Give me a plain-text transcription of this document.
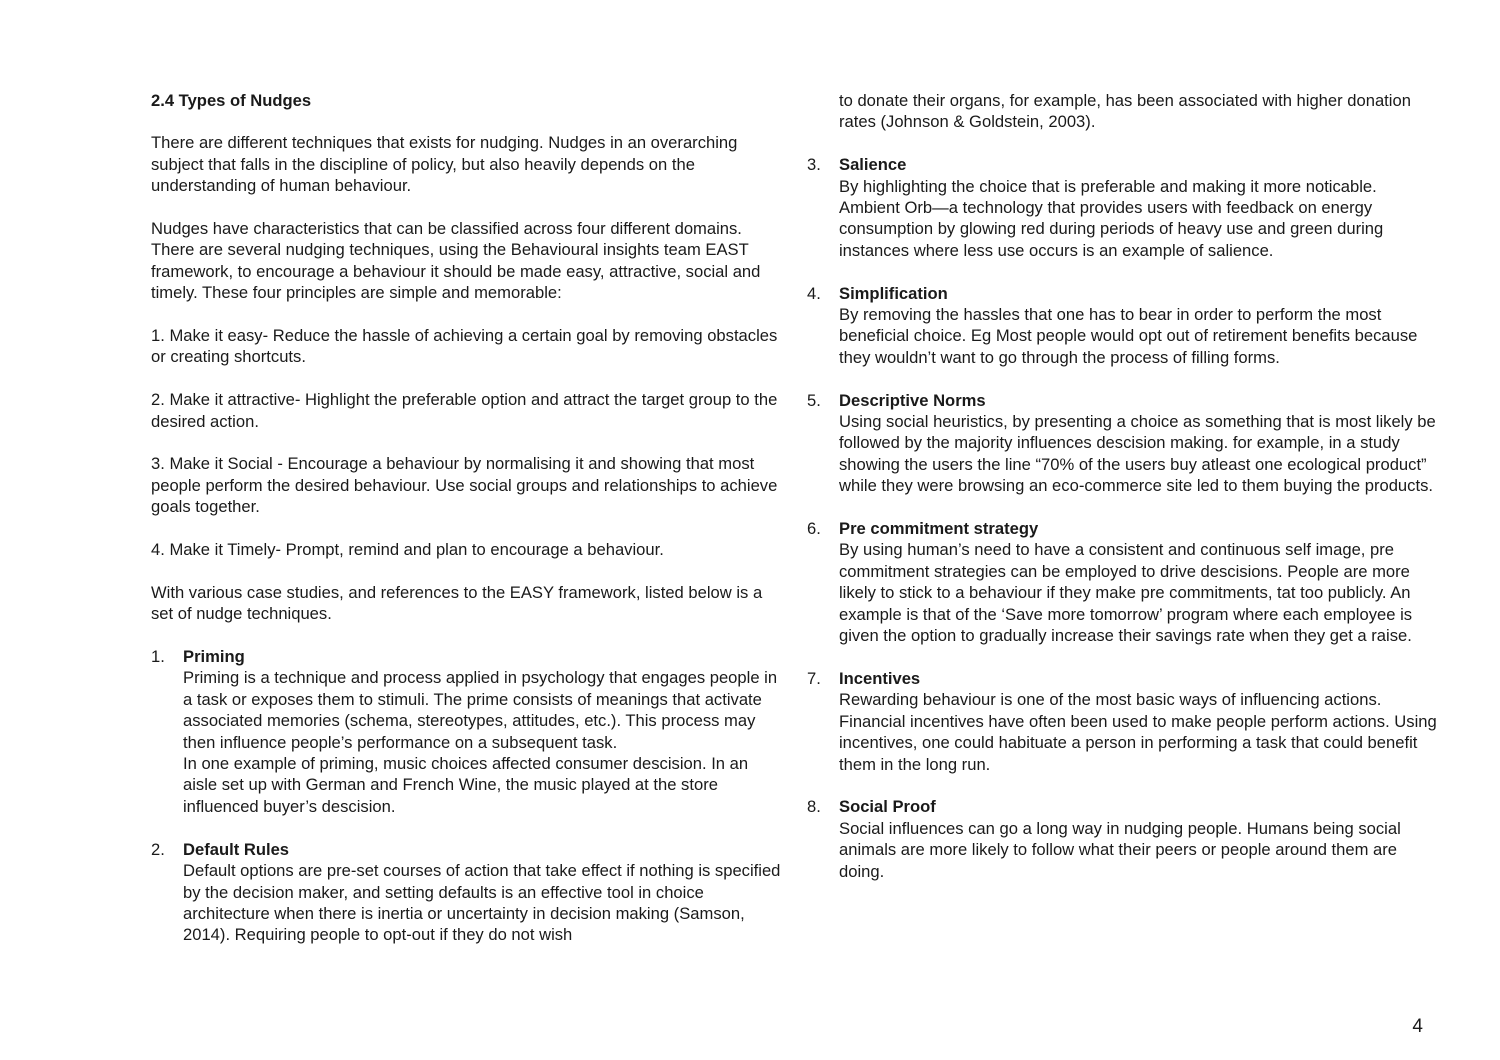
2.4 Types of Nudges

There are different techniques that exists for nudging. Nudges in an overarching subject that falls in the discipline of policy, but also heavily depends on the understanding of human behaviour.

Nudges have characteristics that can be classified across four different domains.

There are several nudging techniques, using the Behavioural insights team EAST framework, to encourage a behaviour it should be made easy, attractive, social and timely. These four principles are simple and memorable:

1. Make it easy- Reduce the hassle of achieving a certain goal by removing obstacles or creating shortcuts.

2. Make it attractive- Highlight the preferable option and attract the target group to the desired action.

3. Make it Social - Encourage a behaviour by normalising it and showing that most people perform the desired behaviour. Use social groups and relationships to achieve goals together.

4. Make it Timely- Prompt, remind and plan to encourage a behaviour.

With various case studies, and references to the EASY framework, listed below is a set of nudge techniques.

1. Priming
Priming is a technique and process applied in psychology that engages people in a task or exposes them to stimuli. The prime consists of meanings that activate associated memories (schema, stereotypes, attitudes, etc.). This process may then influence people’s performance on a subsequent task.
In one example of priming, music choices affected consumer descision. In an aisle set up with German and French Wine, the music played at the store influenced buyer’s descision.
2. Default Rules
Default options are pre-set courses of action that take effect if nothing is specified by the decision maker, and setting defaults is an effective tool in choice architecture when there is inertia or uncertainty in decision making (Samson, 2014). Requiring people to opt-out if they do not wish

to donate their organs, for example, has been associated with higher donation rates (Johnson & Goldstein, 2003).

3. Salience
By highlighting the choice that is preferable and making it more noticable. Ambient Orb—a technology that provides users with feedback on energy consumption by glowing red during periods of heavy use and green during instances where less use occurs is an example of salience.
4. Simplification
By removing the hassles that one has to bear in order to perform the most beneficial choice. Eg Most people would opt out of retirement benefits because they wouldn’t want to go through the process of filling forms.
5. Descriptive Norms
Using social heuristics, by presenting a choice as something that is most likely be followed by the majority influences descision making. for example, in a study showing the users the line “70% of the users buy atleast one ecological product” while they were browsing an eco-commerce site led to them buying the products.
6. Pre commitment strategy
By using human’s need to have a consistent and continuous self image, pre commitment strategies can be employed to drive descisions. People are more likely to stick to a behaviour if they make pre commitments, tat too publicly. An example is that of the ‘Save more tomorrow’ program where each employee is given the option to gradually increase their savings rate when they get a raise.
7. Incentives
Rewarding behaviour is one of the most basic ways of influencing actions. Financial incentives have often been used to make people perform actions. Using incentives, one could habituate a person in performing a task that could benefit them in the long run.
8. Social Proof
Social influences can go a long way in nudging people. Humans being social animals are more likely to follow what their peers or people around them are doing.
4
